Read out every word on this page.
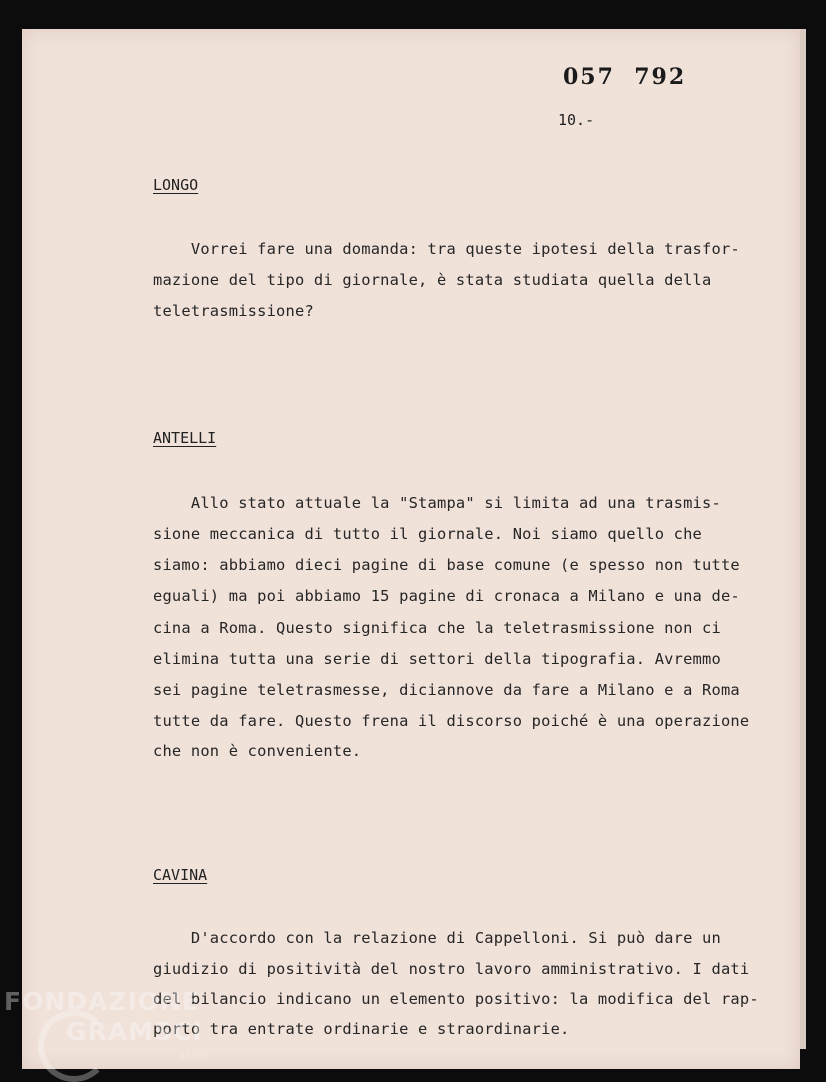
057  792
10.-
LONGO
Vorrei fare una domanda: tra queste ipotesi della trasfor-
mazione del tipo di giornale, è stata studiata quella della
teletrasmissione?
ANTELLI
Allo stato attuale la "Stampa" si limita ad una trasmis-
sione meccanica di tutto il giornale. Noi siamo quello che
siamo: abbiamo dieci pagine di base comune (e spesso non tutte
eguali) ma poi abbiamo 15 pagine di cronaca a Milano e una de-
cina a Roma. Questo significa che la teletrasmissione non ci
elimina tutta una serie di settori della tipografia. Avremmo
sei pagine teletrasmesse, diciannove da fare a Milano e a Roma
tutte da fare. Questo frena il discorso poiché è una operazione
che non è conveniente.
CAVINA
D'accordo con la relazione di Cappelloni. Si può dare un
giudizio di positività del nostro lavoro amministrativo. I dati
del bilancio indicano un elemento positivo: la modifica del rap-
porto tra entrate ordinarie e straordinarie.
FONDAZIONE
GRAMSCI
onlus
